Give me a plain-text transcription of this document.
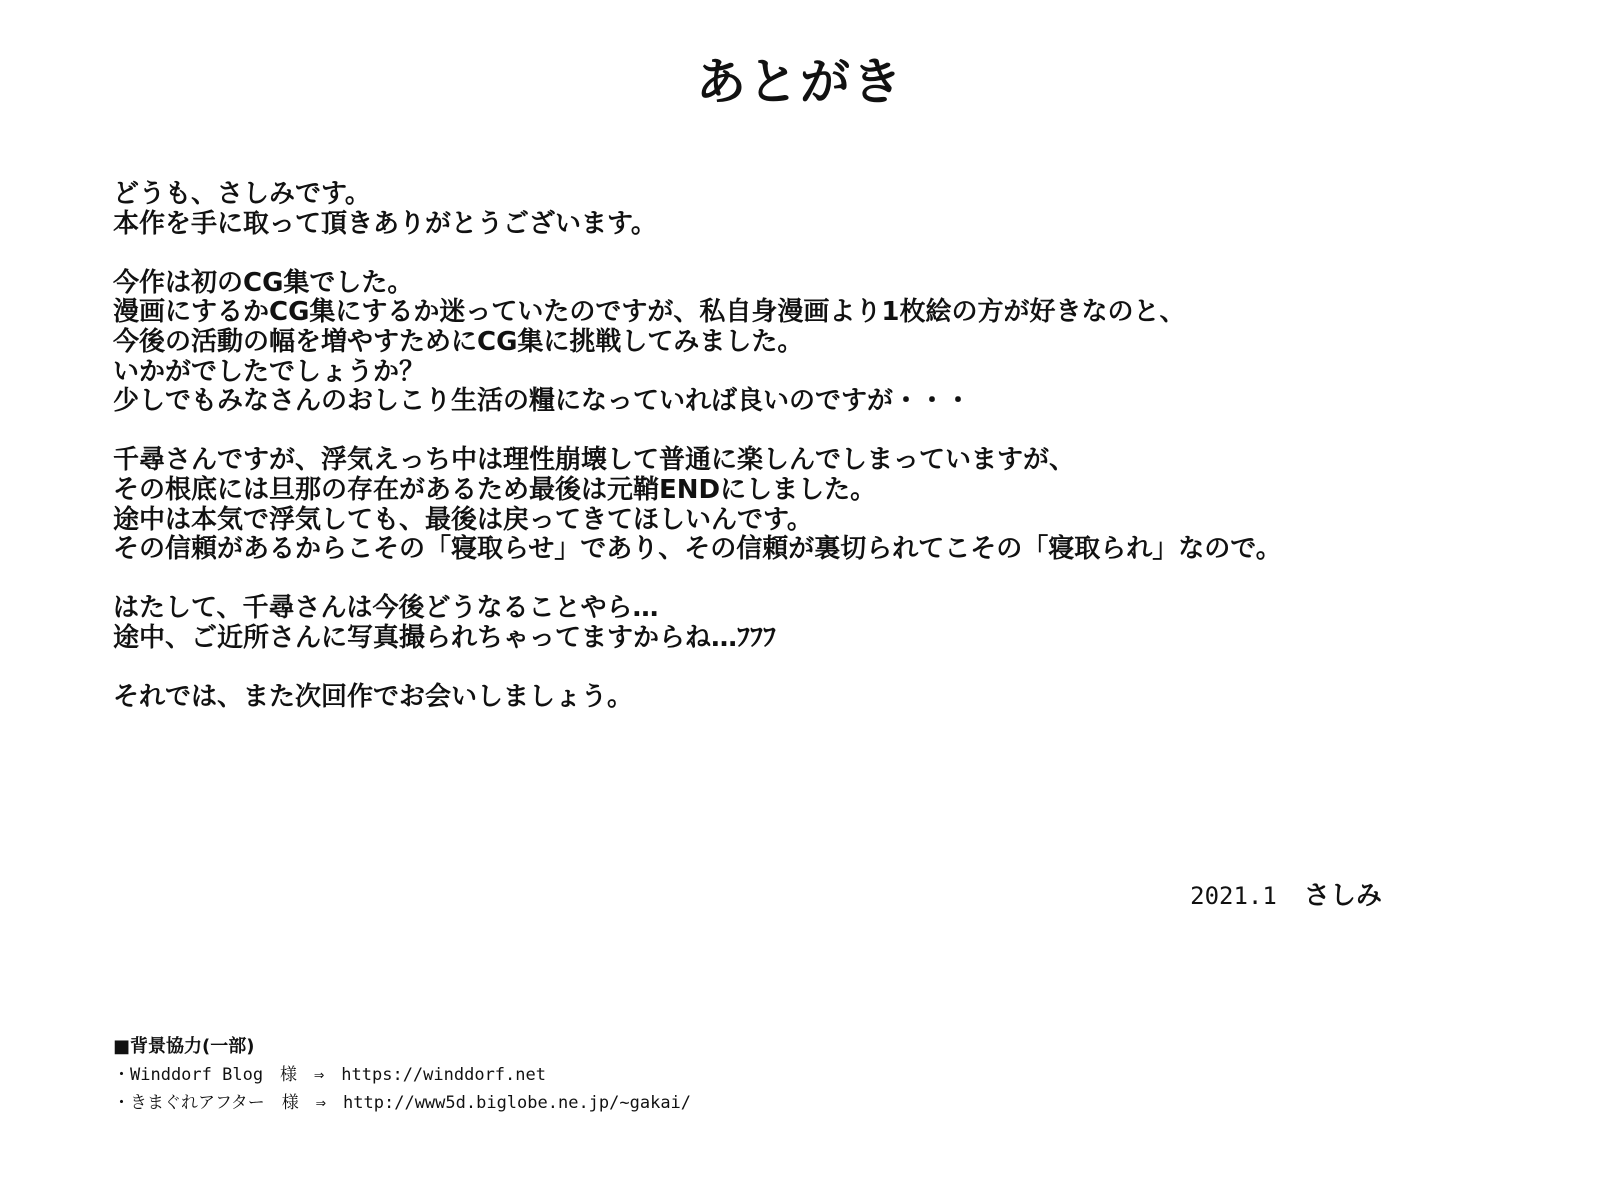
あとがき
どうも、さしみです。
本作を手に取って頂きありがとうございます。
今作は初のCG集でした。
漫画にするかCG集にするか迷っていたのですが、私自身漫画より1枚絵の方が好きなのと、
今後の活動の幅を増やすためにCG集に挑戦してみました。
いかがでしたでしょうか？
少しでもみなさんのおしこり生活の糧になっていれば良いのですが・・・
千尋さんですが、浮気えっち中は理性崩壊して普通に楽しんでしまっていますが、
その根底には旦那の存在があるため最後は元鞘ENDにしました。
途中は本気で浮気しても、最後は戻ってきてほしいんです。
その信頼があるからこその「寝取らせ」であり、その信頼が裏切られてこその「寝取られ」なので。
はたして、千尋さんは今後どうなることやら…
途中、ご近所さんに写真撮られちゃってますからね…ﾌﾌﾌ
それでは、また次回作でお会いしましょう。
2021.1 さしみ
■背景協力(一部)
・Winddorf Blog　様　⇒　https://winddorf.net
・きまぐれアフター　様　⇒　http://www5d.biglobe.ne.jp/~gakai/
